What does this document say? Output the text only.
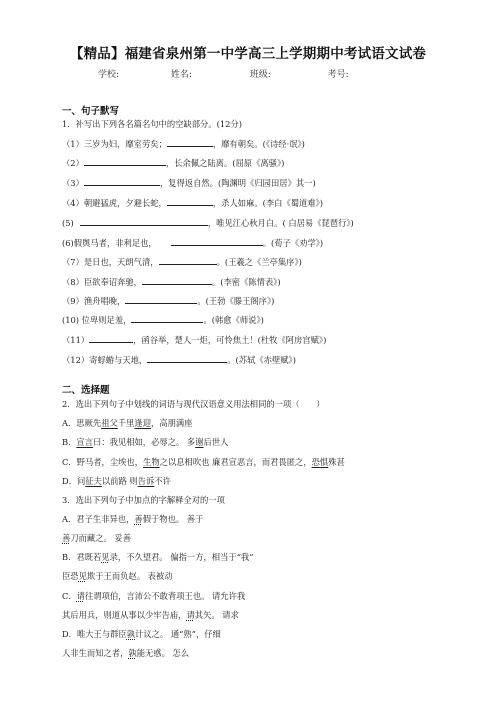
【精品】福建省泉州第一中学高三上学期期中考试语文试卷
学校:	姓名:	班级:	考号:
一、句子默写
1．补写出下列各名篇名句中的空缺部分。(12分)
（1）三岁为妇，靡室劳矣；	，靡有朝矣。(《诗经·氓》)
（2）	，长余佩之陆离。(屈原《离骚》)
（3）	，复得返自然。(陶渊明《归园田居》其一)
（4）朝避猛虎，夕避长蛇，	，杀人如麻。(李白《蜀道难》)
(5)	，唯见江心秋月白。( 白居易《琵琶行》)
(6)假舆马者，非利足也，	。(荀子《劝学》)
（7）是日也，天朗气清，	。(王羲之《兰亭集序》)
（8）臣欲奉诏奔驰，	。(李密《陈情表》)
（9）渔舟唱晚，	。(王勃《滕王阁序》)
(10) 位卑则足羞，	。(韩愈《师说》)
（11）	，函谷举，楚人一炬，可怜焦土！(杜牧《阿房宫赋》)
（12）寄蜉蝣与天地，	。(苏轼《赤壁赋》)
二、选择题
2．选出下列句子中划线的词语与现代汉语意义用法相同的一项（　　）
A．思厥先祖父千里逢迎，高朋满座
B．宣言曰：我见相如，必辱之。 多谢后世人
C．野马者，尘埃也，生物之以息相吹也 廉君宣恶言，而君畏匿之，恐惧殊甚
D．问征夫以前路 则告诉不许
3．选出下列句子中加点的字解释全对的一项
A．君子生非异也，善假于物也。 善于
善刀而藏之。 妥善
B．君既若见录，不久望君。 偏指一方，相当于“我”
臣恐见欺于王而负赵。 表被动
C．请往谓项伯，言沛公不敢背项王也。 请允许我
其后用兵，则道从事以少牢告庙，请其矢。 请求
D．唯大王与群臣孰计议之。 通“熟”，仔细
人非生而知之者，孰能无惑。 怎么
